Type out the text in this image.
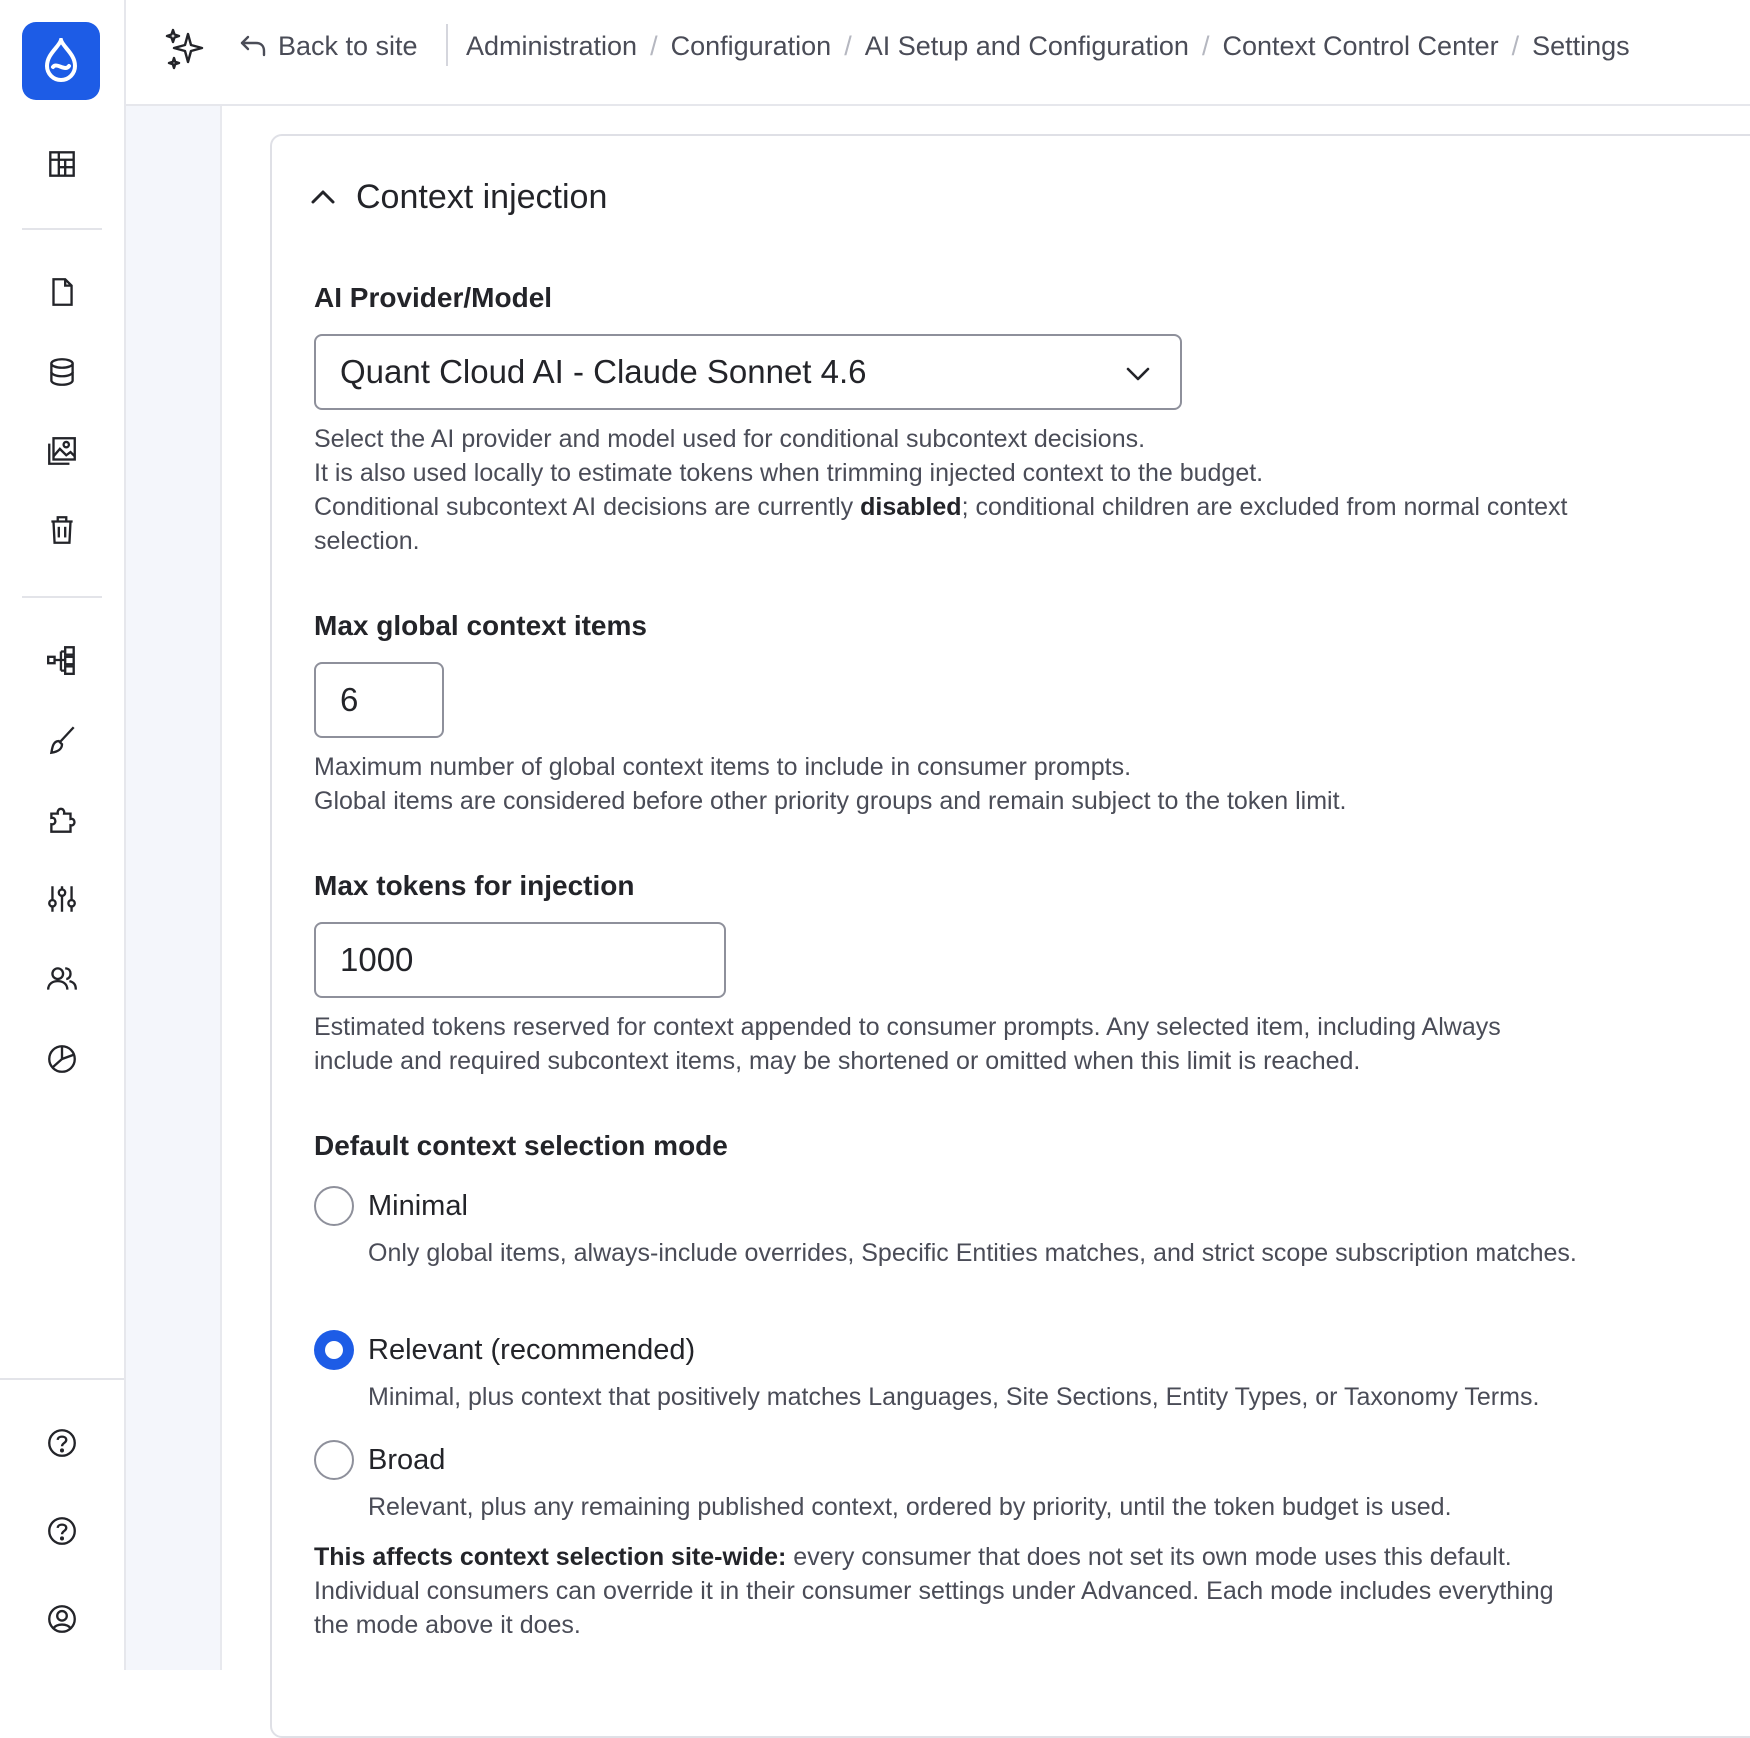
Back to site Administration / Configuration / AI Setup and Configuration / Context Control Center / Settings
Context injection
AI Provider/Model
Quant Cloud AI - Claude Sonnet 4.6
Select the AI provider and model used for conditional subcontext decisions.
It is also used locally to estimate tokens when trimming injected context to the budget.
Conditional subcontext AI decisions are currently disabled; conditional children are excluded from normal context selection.
Max global context items
6
Maximum number of global context items to include in consumer prompts.
Global items are considered before other priority groups and remain subject to the token limit.
Max tokens for injection
1000
Estimated tokens reserved for context appended to consumer prompts. Any selected item, including Always include and required subcontext items, may be shortened or omitted when this limit is reached.
Default context selection mode
Minimal
Only global items, always-include overrides, Specific Entities matches, and strict scope subscription matches.
Relevant (recommended)
Minimal, plus context that positively matches Languages, Site Sections, Entity Types, or Taxonomy Terms.
Broad
Relevant, plus any remaining published context, ordered by priority, until the token budget is used.
This affects context selection site-wide: every consumer that does not set its own mode uses this default. Individual consumers can override it in their consumer settings under Advanced. Each mode includes everything the mode above it does.
